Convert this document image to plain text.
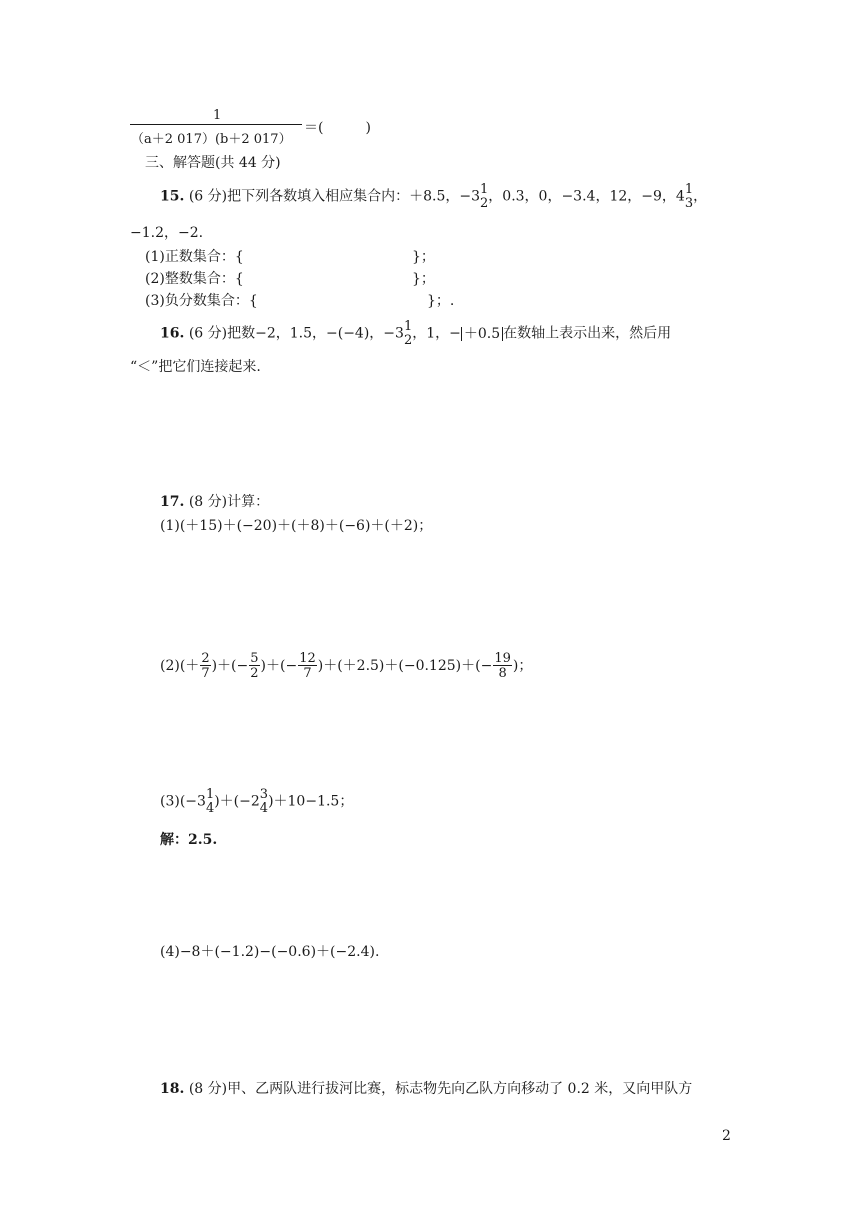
1
（a＋2 017）(b＋2 017）
＝(　　　)
三、解答题(共 44 分)
15. (6 分)把下列各数填入相应集合内：＋8.5，−3 1
2 ，0.3，0，−3.4，12，−9，4 1
3 ，
−1.2，−2.
(1)正数集合：{	}；
(2)整数集合：{	}；
(3)负分数集合：{	}；.
16. (6 分)把数−2，1.5，−(−4)，−3 1
2 ，1，− ＋0.5 在数轴上表示出来，然后用
“＜”把它们连接起来.
17. (8 分)计算：
(1)(＋15)＋(−20)＋(＋8)＋(−6)＋(＋2)；
$(2)(+ \frac{2}{7}$ )＋(− $\frac{5}{2}$ )＋(− $\frac{12}{7} )+(+2.5)+(-0.125)+(- \frac{19}{8}$ )；
(3)(−3 1
4 )＋(−2 3
4 )＋10−1.5；
解：2.5.
(4)−8＋(−1.2)−(−0.6)＋(−2.4).
18. (8 分)甲、乙两队进行拔河比赛，标志物先向乙队方向移动了 0.2 米，又向甲队方
2
